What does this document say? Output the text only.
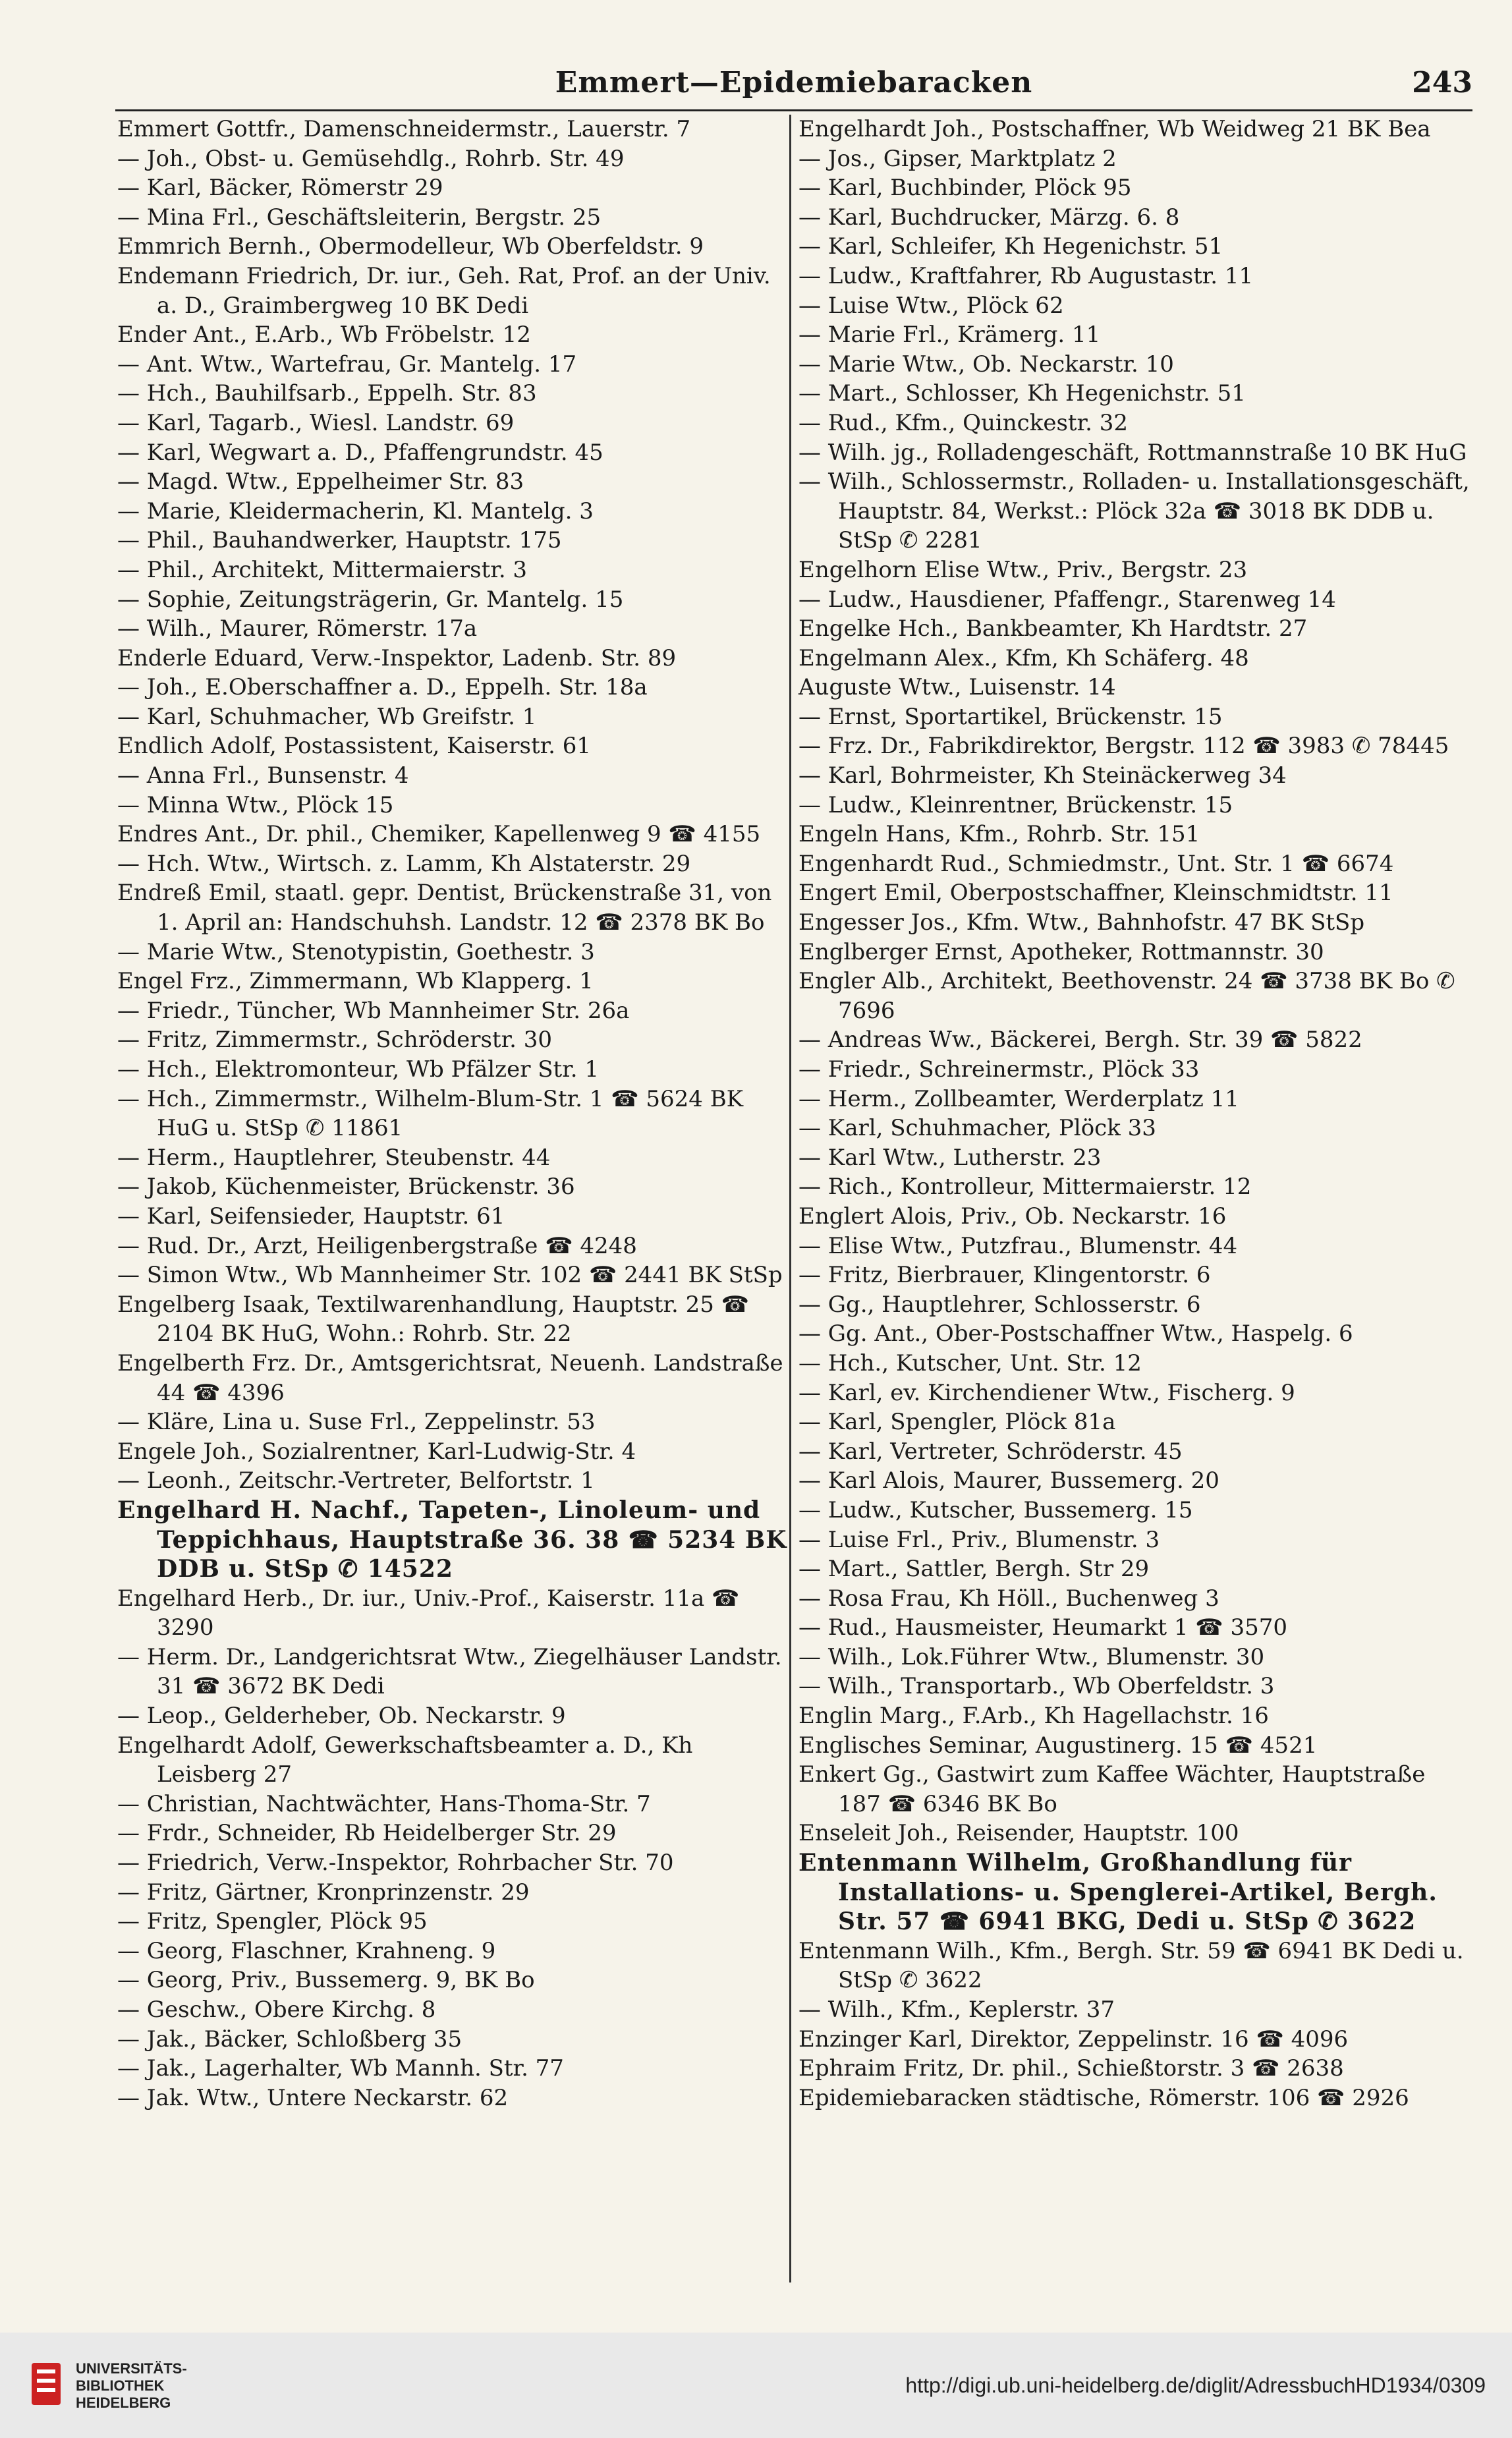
Emmert—Epidemiebaracken	243
Emmert Gottfr., Damenschneidermstr., Lauerstr. 7
— Joh., Obst- u. Gemüsehdlg., Rohrb. Str. 49
— Karl, Bäcker, Römerstr 29
— Mina Frl., Geschäftsleiterin, Bergstr. 25
Emmrich Bernh., Obermodelleur, Wb Oberfeldstr. 9
Endemann Friedrich, Dr. iur., Geh. Rat, Prof. an der Univ. a. D., Graimbergweg 10 BK Dedi
Ender Ant., E.Arb., Wb Fröbelstr. 12
— Ant. Wtw., Wartefrau, Gr. Mantelg. 17
— Hch., Bauhilfsarb., Eppelh. Str. 83
— Karl, Tagarb., Wiesl. Landstr. 69
— Karl, Wegwart a. D., Pfaffengrundstr. 45
— Magd. Wtw., Eppelheimer Str. 83
— Marie, Kleidermacherin, Kl. Mantelg. 3
— Phil., Bauhandwerker, Hauptstr. 175
— Phil., Architekt, Mittermaierstr. 3
— Sophie, Zeitungsträgerin, Gr. Mantelg. 15
— Wilh., Maurer, Römerstr. 17a
Enderle Eduard, Verw.-Inspektor, Ladenb. Str. 89
— Joh., E.Oberschaffner a. D., Eppelh. Str. 18a
— Karl, Schuhmacher, Wb Greifstr. 1
Endlich Adolf, Postassistent, Kaiserstr. 61
— Anna Frl., Bunsenstr. 4
— Minna Wtw., Plöck 15
Endres Ant., Dr. phil., Chemiker, Kapellenweg 9 ☎ 4155
— Hch. Wtw., Wirtsch. z. Lamm, Kh Alstaterstr. 29
Endreß Emil, staatl. gepr. Dentist, Brückenstraße 31, von 1. April an: Handschuhsh. Landstr. 12 ☎ 2378 BK Bo
— Marie Wtw., Stenotypistin, Goethestr. 3
Engel Frz., Zimmermann, Wb Klapperg. 1
— Friedr., Tüncher, Wb Mannheimer Str. 26a
— Fritz, Zimmermstr., Schröderstr. 30
— Hch., Elektromonteur, Wb Pfälzer Str. 1
— Hch., Zimmermstr., Wilhelm-Blum-Str. 1 ☎ 5624 BK HuG u. StSp ✆ 11861
— Herm., Hauptlehrer, Steubenstr. 44
— Jakob, Küchenmeister, Brückenstr. 36
— Karl, Seifensieder, Hauptstr. 61
— Rud. Dr., Arzt, Heiligenbergstraße ☎ 4248
— Simon Wtw., Wb Mannheimer Str. 102 ☎ 2441 BK StSp
Engelberg Isaak, Textilwarenhandlung, Hauptstr. 25 ☎ 2104 BK HuG, Wohn.: Rohrb. Str. 22
Engelberth Frz. Dr., Amtsgerichtsrat, Neuenh. Landstraße 44 ☎ 4396
— Kläre, Lina u. Suse Frl., Zeppelinstr. 53
Engele Joh., Sozialrentner, Karl-Ludwig-Str. 4
— Leonh., Zeitschr.-Vertreter, Belfortstr. 1
Engelhard H. Nachf., Tapeten-, Linoleum- und Teppichhaus, Hauptstraße 36. 38 ☎ 5234 BK DDB u. StSp ✆ 14522
Engelhard Herb., Dr. iur., Univ.-Prof., Kaiserstr. 11a ☎ 3290
— Herm. Dr., Landgerichtsrat Wtw., Ziegelhäuser Landstr. 31 ☎ 3672 BK Dedi
— Leop., Gelderheber, Ob. Neckarstr. 9
Engelhardt Adolf, Gewerkschaftsbeamter a. D., Kh Leisberg 27
— Christian, Nachtwächter, Hans-Thoma-Str. 7
— Frdr., Schneider, Rb Heidelberger Str. 29
— Friedrich, Verw.-Inspektor, Rohrbacher Str. 70
— Fritz, Gärtner, Kronprinzenstr. 29
— Fritz, Spengler, Plöck 95
— Georg, Flaschner, Krahneng. 9
— Georg, Priv., Bussemerg. 9, BK Bo
— Geschw., Obere Kirchg. 8
— Jak., Bäcker, Schloßberg 35
— Jak., Lagerhalter, Wb Mannh. Str. 77
— Jak. Wtw., Untere Neckarstr. 62
Engelhardt Joh., Postschaffner, Wb Weidweg 21 BK Bea
— Jos., Gipser, Marktplatz 2
— Karl, Buchbinder, Plöck 95
— Karl, Buchdrucker, Märzg. 6. 8
— Karl, Schleifer, Kh Hegenichstr. 51
— Ludw., Kraftfahrer, Rb Augustastr. 11
— Luise Wtw., Plöck 62
— Marie Frl., Krämerg. 11
— Marie Wtw., Ob. Neckarstr. 10
— Mart., Schlosser, Kh Hegenichstr. 51
— Rud., Kfm., Quinckestr. 32
— Wilh. jg., Rolladengeschäft, Rottmannstraße 10 BK HuG
— Wilh., Schlossermstr., Rolladen- u. Installationsgeschäft, Hauptstr. 84, Werkst.: Plöck 32a ☎ 3018 BK DDB u. StSp ✆ 2281
Engelhorn Elise Wtw., Priv., Bergstr. 23
— Ludw., Hausdiener, Pfaffengr., Starenweg 14
Engelke Hch., Bankbeamter, Kh Hardtstr. 27
Engelmann Alex., Kfm, Kh Schäferg. 48
Auguste Wtw., Luisenstr. 14
— Ernst, Sportartikel, Brückenstr. 15
— Frz. Dr., Fabrikdirektor, Bergstr. 112 ☎ 3983 ✆ 78445
— Karl, Bohrmeister, Kh Steinäckerweg 34
— Ludw., Kleinrentner, Brückenstr. 15
Engeln Hans, Kfm., Rohrb. Str. 151
Engenhardt Rud., Schmiedmstr., Unt. Str. 1 ☎ 6674
Engert Emil, Oberpostschaffner, Kleinschmidtstr. 11
Engesser Jos., Kfm. Wtw., Bahnhofstr. 47 BK StSp
Englberger Ernst, Apotheker, Rottmannstr. 30
Engler Alb., Architekt, Beethovenstr. 24 ☎ 3738 BK Bo ✆ 7696
— Andreas Ww., Bäckerei, Bergh. Str. 39 ☎ 5822
— Friedr., Schreinermstr., Plöck 33
— Herm., Zollbeamter, Werderplatz 11
— Karl, Schuhmacher, Plöck 33
— Karl Wtw., Lutherstr. 23
— Rich., Kontrolleur, Mittermaierstr. 12
Englert Alois, Priv., Ob. Neckarstr. 16
— Elise Wtw., Putzfrau., Blumenstr. 44
— Fritz, Bierbrauer, Klingentorstr. 6
— Gg., Hauptlehrer, Schlosserstr. 6
— Gg. Ant., Ober-Postschaffner Wtw., Haspelg. 6
— Hch., Kutscher, Unt. Str. 12
— Karl, ev. Kirchendiener Wtw., Fischerg. 9
— Karl, Spengler, Plöck 81a
— Karl, Vertreter, Schröderstr. 45
— Karl Alois, Maurer, Bussemerg. 20
— Ludw., Kutscher, Bussemerg. 15
— Luise Frl., Priv., Blumenstr. 3
— Mart., Sattler, Bergh. Str 29
— Rosa Frau, Kh Höll., Buchenweg 3
— Rud., Hausmeister, Heumarkt 1 ☎ 3570
— Wilh., Lok.Führer Wtw., Blumenstr. 30
— Wilh., Transportarb., Wb Oberfeldstr. 3
Englin Marg., F.Arb., Kh Hagellachstr. 16
Englisches Seminar, Augustinerg. 15 ☎ 4521
Enkert Gg., Gastwirt zum Kaffee Wächter, Hauptstraße 187 ☎ 6346 BK Bo
Enseleit Joh., Reisender, Hauptstr. 100
Entenmann Wilhelm, Großhandlung für Installations- u. Spenglerei-Artikel, Bergh. Str. 57 ☎ 6941 BKG, Dedi u. StSp ✆ 3622
Entenmann Wilh., Kfm., Bergh. Str. 59 ☎ 6941 BK Dedi u. StSp ✆ 3622
— Wilh., Kfm., Keplerstr. 37
Enzinger Karl, Direktor, Zeppelinstr. 16 ☎ 4096
Ephraim Fritz, Dr. phil., Schießtorstr. 3 ☎ 2638
Epidemiebaracken städtische, Römerstr. 106 ☎ 2926
UNIVERSITÄTS-
BIBLIOTHEK
HEIDELBERG
http://digi.ub.uni-heidelberg.de/diglit/AdressbuchHD1934/0309
